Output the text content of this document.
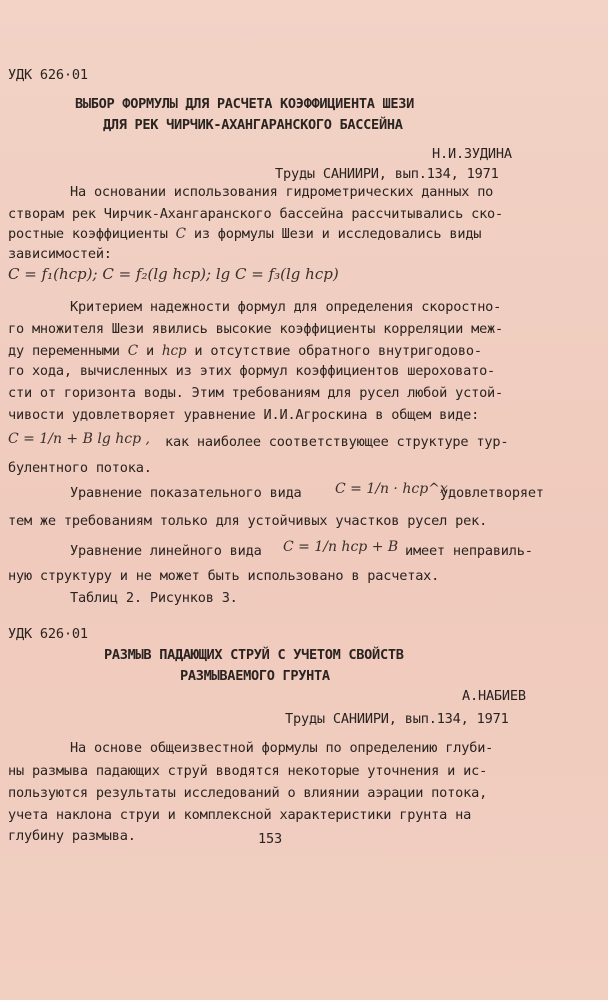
УДК 626·01
ВЫБОР ФОРМУЛЫ ДЛЯ РАСЧЕТА КОЭФФИЦИЕНТА ШЕЗИ
ДЛЯ РЕК ЧИРЧИК-АХАНГАРАНСКОГО БАССЕЙНА
Н.И.ЗУДИНА
Труды САНИИРИ, вып.134, 1971
На основании использования гидрометрических данных по
створам рек Чирчик-Ахангаранского бассейна рассчитывались ско-
ростные коэффициенты C из формулы Шези и исследовались виды
зависимостей:
C = f₁(hср); C = f₂(lg hср); lg C = f₃(lg hср)
Критерием надежности формул для определения скоростно-
го множителя Шези явились высокие коэффициенты корреляции меж-
ду переменными C и hср и отсутствие обратного внутригодово-
го хода, вычисленных из этих формул коэффициентов шероховато-
сти от горизонта воды. Этим требованиям для русел любой устой-
чивости удовлетворяет уравнение И.И.Агроскина в общем виде:
C = 1/n + B lg hср , как наиболее соответствующее структуре тур-
булентного потока.
Уравнение показательного вида C = 1/n · hср^x
удовлетворяет
тем же требованиям только для устойчивых участков русел рек.
Уравнение линейного вида C = 1/n hср + B имеет неправиль-
ную структуру и не может быть использовано в расчетах.
Таблиц 2. Рисунков 3.
УДК 626·01
РАЗМЫВ ПАДАЮЩИХ СТРУЙ С УЧЕТОМ СВОЙСТВ
РАЗМЫВАЕМОГО ГРУНТА
А.НАБИЕВ
Труды САНИИРИ, вып.134, 1971
На основе общеизвестной формулы по определению глуби-
ны размыва падающих струй вводятся некоторые уточнения и ис-
пользуются результаты исследований о влиянии аэрации потока,
учета наклона струи и комплексной характеристики грунта на
глубину размыва.	153
